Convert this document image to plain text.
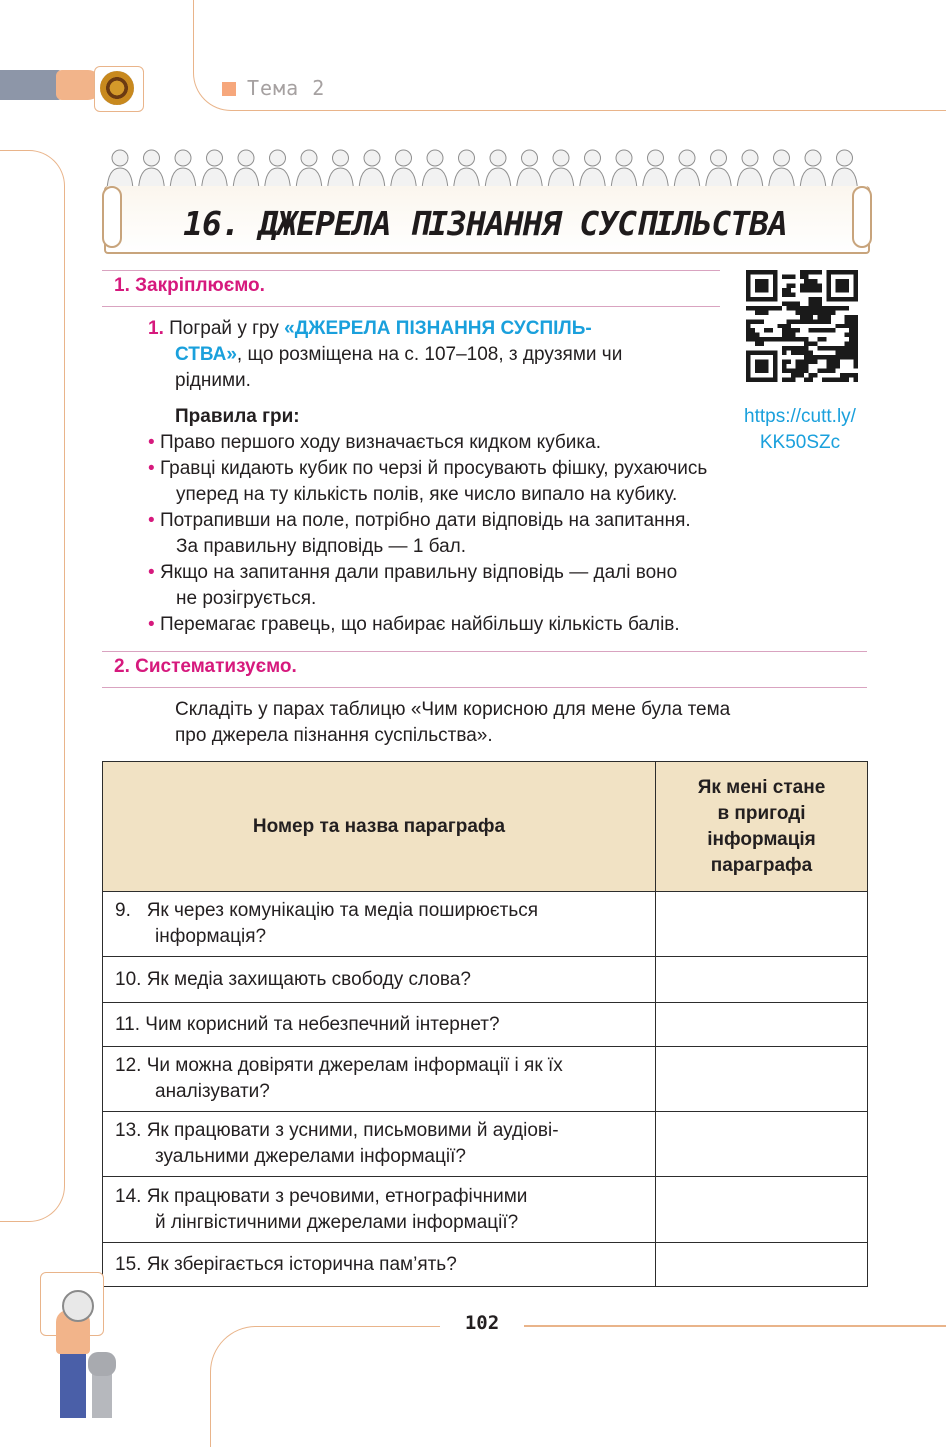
Тема 2
16. ДЖЕРЕЛА ПІЗНАННЯ СУСПІЛЬСТВА
1. Закріплюємо.
1. Пограй у гру «ДЖЕРЕЛА ПІЗНАННЯ СУСПІЛЬ-
СТВА», що розміщена на с. 107–108, з друзями чи
рідними.
Правила гри:
• Право першого ходу визначається кидком кубика.
• Гравці кидають кубик по черзі й просувають фішку, рухаючись
уперед на ту кількість полів, яке число випало на кубику.
• Потрапивши на поле, потрібно дати відповідь на запитання.
За правильну відповідь — 1 бал.
• Якщо на запитання дали правильну відповідь — далі воно
не розігрується.
• Перемагає гравець, що набирає найбільшу кількість балів.
https://cutt.ly/
KK50SZc
2. Систематизуємо.
Складіть у парах таблицю «Чим корисною для мене була тема
про джерела пізнання суспільства».
Номер та назва параграфа	Як мені стане
в пригоді
інформація
параграфа

9. Як через комунікацію та медіа поширюється
інформація?	

10. Як медіа захищають свободу слова?	
11. Чим корисний та небезпечний інтернет?	

12. Чи можна довіряти джерелам інформації і як їх
аналізувати?	

13. Як працювати з усними, письмовими й аудіові-
зуальними джерелами інформації?	

14. Як працювати з речовими, етнографічними
й лінгвістичними джерелами інформації?	

15. Як зберігається історична пам’ять?	
102
